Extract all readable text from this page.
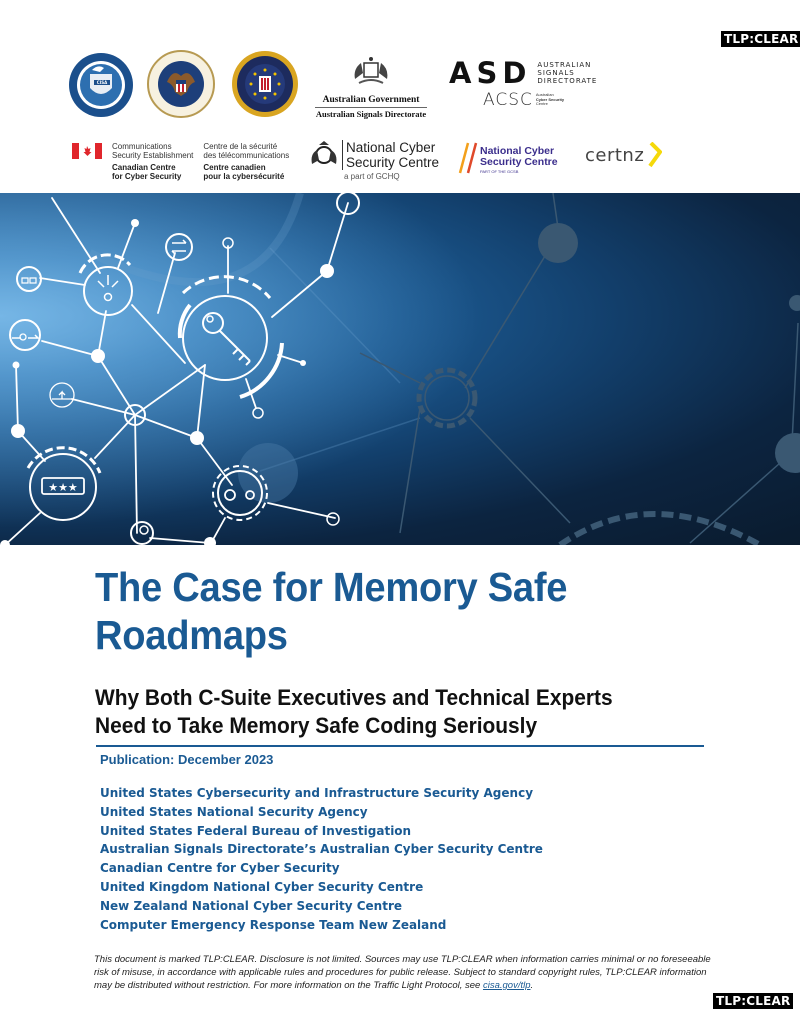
TLP:CLEAR
TLP:CLEAR
CISA
Australian Government
Australian Signals Directorate
ASD AUSTRALIAN
SIGNALS
DIRECTORATE
ACSC Australian
Cyber Security
Centre
Communications
Security Establishment
Canadian Centre
for Cyber Security
Centre de la sécurité
des télécommunications
Centre canadien
pour la cybersécurité
National Cyber
Security Centre
a part of GCHQ
National Cyber
Security Centre
PART OF THE GCSB
certnz
★★★
The Case for Memory Safe
Roadmaps
Why Both C-Suite Executives and Technical Experts
Need to Take Memory Safe Coding Seriously
Publication: December 2023
United States Cybersecurity and Infrastructure Security Agency
United States National Security Agency
United States Federal Bureau of Investigation
Australian Signals Directorate’s Australian Cyber Security Centre
Canadian Centre for Cyber Security
United Kingdom National Cyber Security Centre
New Zealand National Cyber Security Centre
Computer Emergency Response Team New Zealand
This document is marked TLP:CLEAR. Disclosure is not limited. Sources may use TLP:CLEAR when information carries minimal or no foreseeable risk of misuse, in accordance with applicable rules and procedures for public release. Subject to standard copyright rules, TLP:CLEAR information may be distributed without restriction. For more information on the Traffic Light Protocol, see cisa.gov/tlp.
